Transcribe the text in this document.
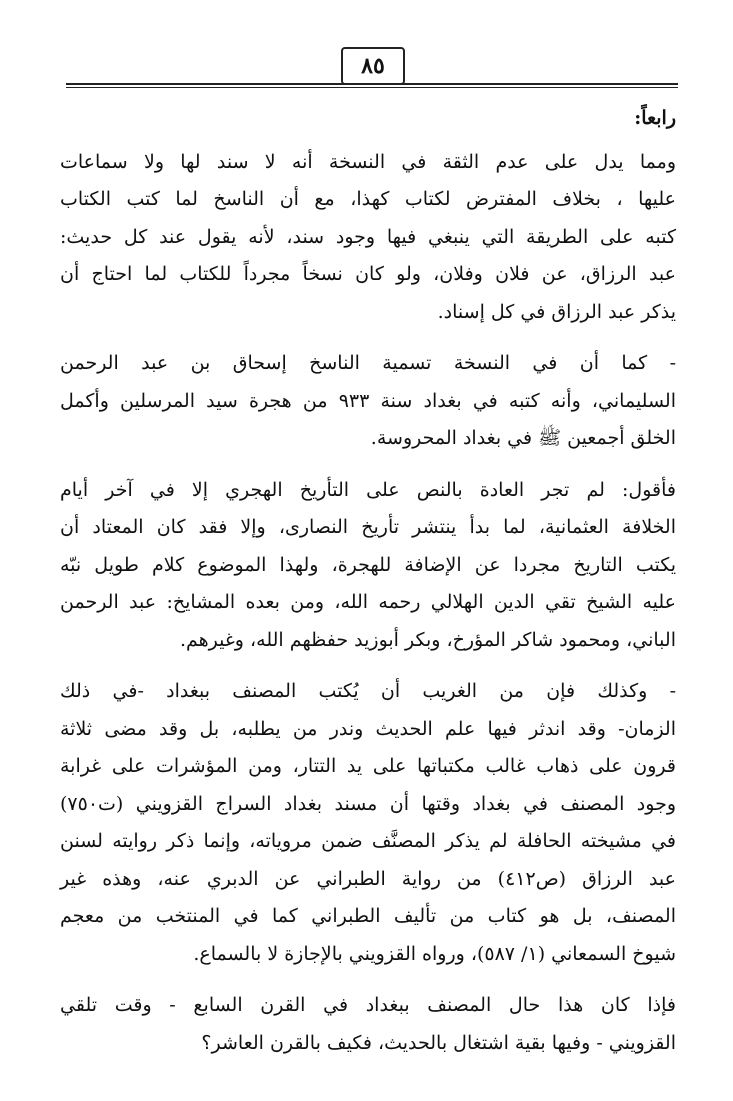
٨٥
رابعاً:

ومما يدل على عدم الثقة في النسخة أنه لا سند لها ولا سماعات
عليها ، بخلاف المفترض لكتاب كهذا، مع أن الناسخ لما كتب الكتاب
كتبه على الطريقة التي ينبغي فيها وجود سند، لأنه يقول عند كل حديث:
عبد الرزاق، عن فلان وفلان، ولو كان نسخاً مجرداً للكتاب لما احتاج أن
يذكر عبد الرزاق في كل إسناد.

- كما أن في النسخة تسمية الناسخ إسحاق بن عبد الرحمن
السليماني، وأنه كتبه في بغداد سنة ٩٣٣ من هجرة سيد المرسلين وأكمل
الخلق أجمعين ﷺ في بغداد المحروسة.

فأقول: لم تجر العادة بالنص على التأريخ الهجري إلا في آخر أيام
الخلافة العثمانية، لما بدأ ينتشر تأريخ النصارى، وإلا فقد كان المعتاد أن
يكتب التاريخ مجردا عن الإضافة للهجرة، ولهذا الموضوع كلام طويل نبّه
عليه الشيخ تقي الدين الهلالي رحمه الله، ومن بعده المشايخ: عبد الرحمن
الباني، ومحمود شاكر المؤرخ، وبكر أبوزيد حفظهم الله، وغيرهم.

- وكذلك فإن من الغريب أن يُكتب المصنف ببغداد -في ذلك
الزمان- وقد اندثر فيها علم الحديث وندر من يطلبه، بل وقد مضى ثلاثة
قرون على ذهاب غالب مكتباتها على يد التتار، ومن المؤشرات على غرابة
وجود المصنف في بغداد وقتها أن مسند بغداد السراج القزويني (ت٧٥٠)
في مشيخته الحافلة لم يذكر المصنَّف ضمن مروياته، وإنما ذكر روايته لسنن
عبد الرزاق (ص٤١٢) من رواية الطبراني عن الدبري عنه، وهذه غير
المصنف، بل هو كتاب من تأليف الطبراني كما في المنتخب من معجم
شيوخ السمعاني (١/ ٥٨٧)، ورواه القزويني بالإجازة لا بالسماع.

فإذا كان هذا حال المصنف ببغداد في القرن السابع - وقت تلقي
القزويني - وفيها بقية اشتغال بالحديث، فكيف بالقرن العاشر؟
